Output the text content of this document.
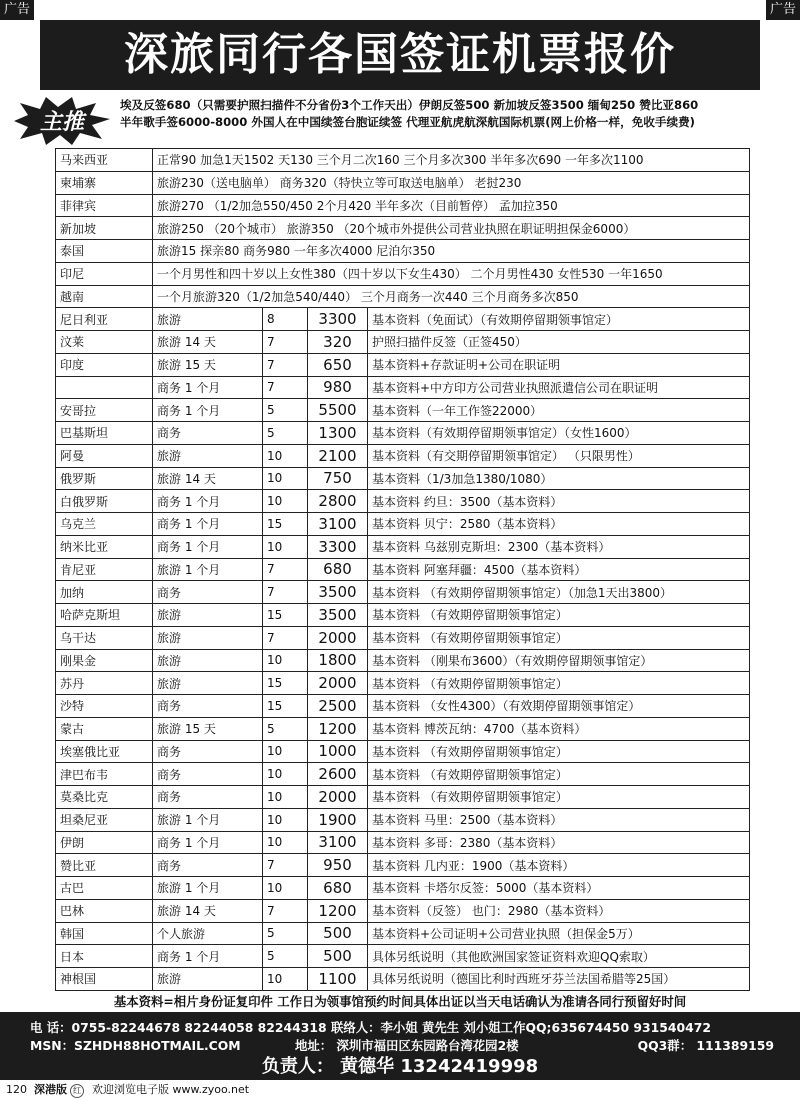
广告	广告
深旅同行各国签证机票报价
主推
埃及反签680（只需要护照扫描件不分省份3个工作天出）伊朗反签500 新加坡反签3500 缅甸250 赞比亚860
半年歌手签6000-8000 外国人在中国续签台胞证续签 代理亚航虎航深航国际机票(网上价格一样，免收手续费)
马来西亚	正常90 加急1天1502 天130 三个月二次160 三个月多次300 半年多次690 一年多次1100			
柬埔寨	旅游230（送电脑单） 商务320（特快立等可取送电脑单） 老挝230			
菲律宾	旅游270 （1/2加急550/450 2个月420 半年多次（目前暂停） 孟加拉350			
新加坡	旅游250 （20个城市） 旅游350 （20个城市外提供公司营业执照在职证明担保金6000）			
泰国	旅游15 探亲80 商务980 一年多次4000 尼泊尔350			
印尼	一个月男性和四十岁以上女性380（四十岁以下女生430） 二个月男性430 女性530 一年1650			
越南	一个月旅游320（1/2加急540/440） 三个月商务一次440 三个月商务多次850			
尼日利亚	旅游	8	3300	基本资料（免面试）（有效期停留期领事馆定）
汶莱	旅游 14 天	7	320	护照扫描件反签（正签450）
印度	旅游 15 天	7	650	基本资料+存款证明+公司在职证明
	商务 1 个月	7	980	基本资料+中方印方公司营业执照派遣信公司在职证明
安哥拉	商务 1 个月	5	5500	基本资料（一年工作签22000）
巴基斯坦	商务	5	1300	基本资料（有效期停留期领事馆定）（女性1600）
阿曼	旅游	10	2100	基本资料（有交期停留期领事馆定） （只限男性）
俄罗斯	旅游 14 天	10	750	基本资料（1/3加急1380/1080）
白俄罗斯	商务 1 个月	10	2800	基本资料 约旦：3500（基本资料）
乌克兰	商务 1 个月	15	3100	基本资料 贝宁：2580（基本资料）
纳米比亚	商务 1 个月	10	3300	基本资料 乌兹别克斯坦：2300（基本资料）
肯尼亚	旅游 1 个月	7	680	基本资料 阿塞拜疆：4500（基本资料）
加纳	商务	7	3500	基本资料 （有效期停留期领事馆定）（加急1天出3800）
哈萨克斯坦	旅游	15	3500	基本资料 （有效期停留期领事馆定）
乌干达	旅游	7	2000	基本资料 （有效期停留期领事馆定）
刚果金	旅游	10	1800	基本资料 （刚果布3600）（有效期停留期领事馆定）
苏丹	旅游	15	2000	基本资料 （有效期停留期领事馆定）
沙特	商务	15	2500	基本资料 （女性4300）（有效期停留期领事馆定）
蒙古	旅游 15 天	5	1200	基本资料 博茨瓦纳：4700（基本资料）
埃塞俄比亚	商务	10	1000	基本资料 （有效期停留期领事馆定）
津巴布韦	商务	10	2600	基本资料 （有效期停留期领事馆定）
莫桑比克	商务	10	2000	基本资料 （有效期停留期领事馆定）
坦桑尼亚	旅游 1 个月	10	1900	基本资料 马里：2500（基本资料）
伊朗	商务 1 个月	10	3100	基本资料 多哥：2380（基本资料）
赞比亚	商务	7	950	基本资料 几内亚：1900（基本资料）
古巴	旅游 1 个月	10	680	基本资料 卡塔尔反签：5000（基本资料）
巴林	旅游 14 天	7	1200	基本资料（反签） 也门：2980（基本资料）
韩国	个人旅游	5	500	基本资料+公司证明+公司营业执照（担保金5万）
日本	商务 1 个月	5	500	具体另纸说明（其他欧洲国家签证资料欢迎QQ索取）
神根国	旅游	10	1100	具体另纸说明（德国比利时西班牙芬兰法国希腊等25国）
基本资料=相片身份证复印件 工作日为领事馆预约时间具体出证以当天电话确认为准请各同行预留好时间
电 话：0755-82244678 82244058 82244318 联络人：李小姐 黄先生 刘小姐工作QQ;635674450 931540472
MSN：SZHDH88HOTMAIL.COM	地址： 深圳市福田区东园路台湾花园2楼	QQ3群： 111389159
负责人： 黄德华 13242419998
120 深港版 红 欢迎浏览电子版 www.zyoo.net
